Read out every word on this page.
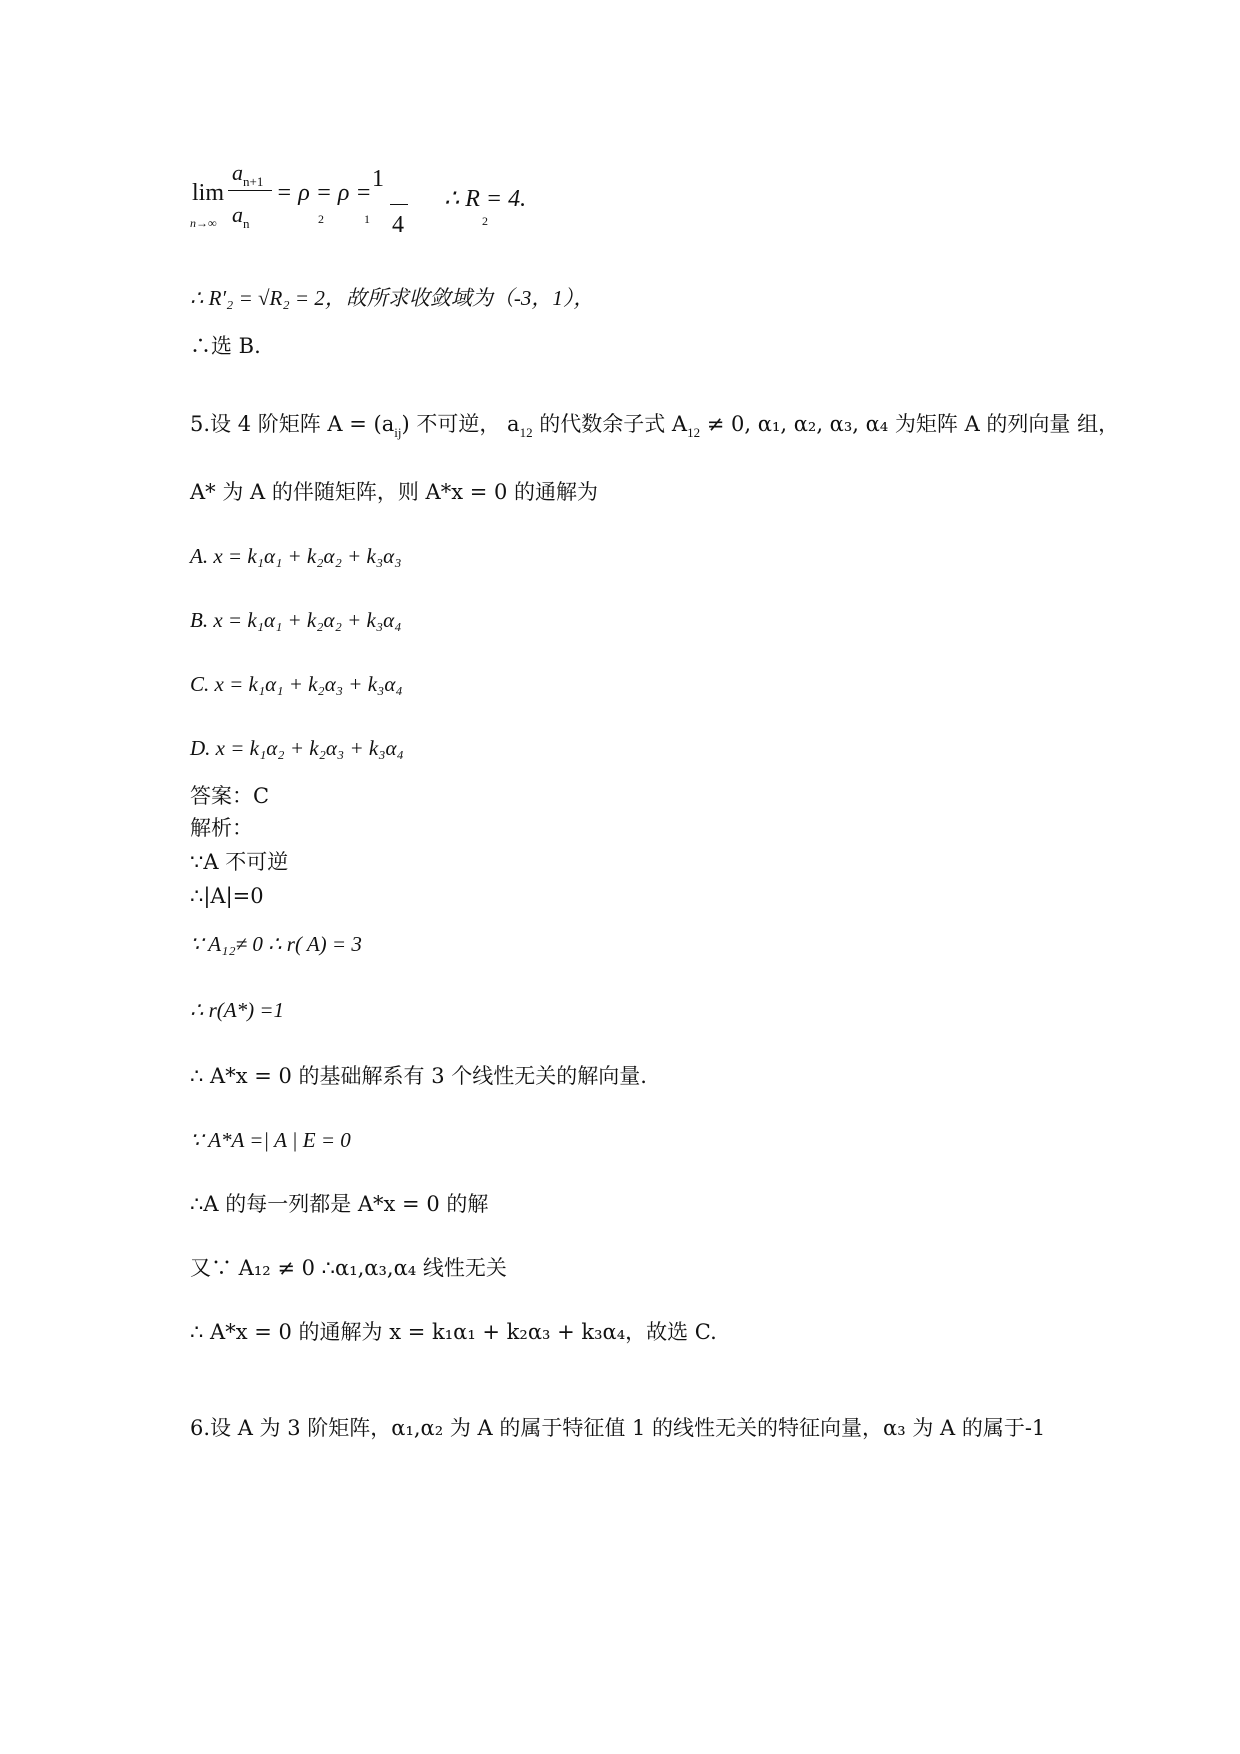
lim
n→∞
$a_{n+1}$
$a_n$
= ρ = ρ =
2	1
1
4
∴ R = 4.
2
∴ R′₂ = √R₂ = 2，故所求收敛域为（-3，1），
∴选 B.
5.设 4 阶矩阵 $A = (a_{ij})$ 不可逆， $a_{12}$ 的代数余子式 $A_{12} \ne 0$, α₁, α₂, α₃, α₄ 为矩阵 A 的列向量 组，
A* 为 A 的伴随矩阵，则 A*x = 0 的通解为
A. x = k₁α₁ + k₂α₂ + k₃α₃
B. x = k₁α₁ + k₂α₂ + k₃α₄
C. x = k₁α₁ + k₂α₃ + k₃α₄
D. x = k₁α₂ + k₂α₃ + k₃α₄
答案：C
解析：
∵A 不可逆
∴|A|=0
∵ A₁₂≠ 0 ∴ r( A) = 3
∴ r(A*) =1
∴ A*x = 0 的基础解系有 3 个线性无关的解向量.
∵ A*A =| A | E = 0
∴A 的每一列都是 A*x = 0 的解
又∵ A₁₂ ≠ 0 ∴α₁,α₃,α₄ 线性无关
∴ A*x = 0 的通解为 x = k₁α₁ + k₂α₃ + k₃α₄，故选 C.
6.设 A 为 3 阶矩阵，α₁,α₂ 为 A 的属于特征值 1 的线性无关的特征向量，α₃ 为 A 的属于-1
